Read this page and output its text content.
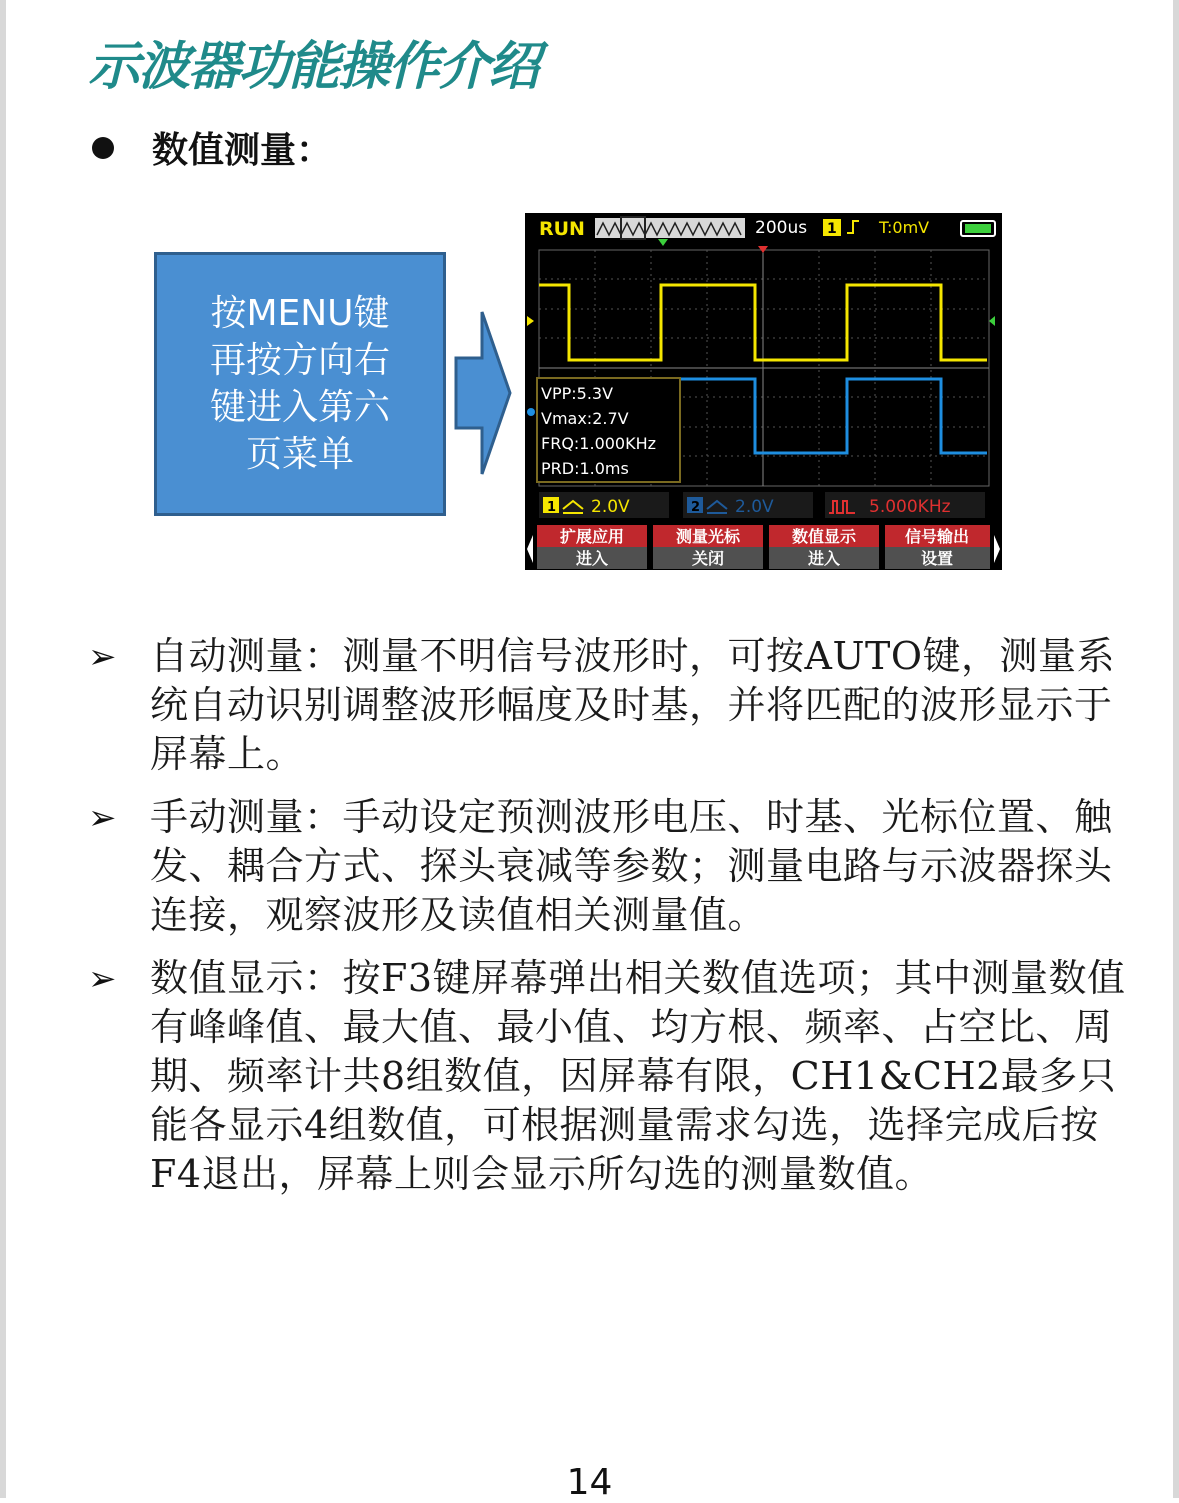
示波器功能操作介绍
数值测量：
按MENU键
再按方向右
键进入第六
页菜单
RUN	200us 1	T:0mV
VPP:5.3V
Vmax:2.7V
FRQ:1.000KHz
PRD:1.0ms
1 2.0V	2 2.0V	5.000KHz
扩展应用
进入
测量光标
关闭
数值显示
进入
信号输出
设置
➢ 自动测量：测量不明信号波形时，可按AUTO键，测量系统自动识别调整波形幅度及时基，并将匹配的波形显示于屏幕上。
➢ 手动测量：手动设定预测波形电压、时基、光标位置、触发、耦合方式、探头衰减等参数；测量电路与示波器探头连接，观察波形及读值相关测量值。
➢ 数值显示：按F3键屏幕弹出相关数值选项；其中测量数值有峰峰值、最大值、最小值、均方根、频率、占空比、周期、频率计共8组数值，因屏幕有限，CH1&CH2最多只能各显示4组数值，可根据测量需求勾选，选择完成后按F4退出，屏幕上则会显示所勾选的测量数值。
14
